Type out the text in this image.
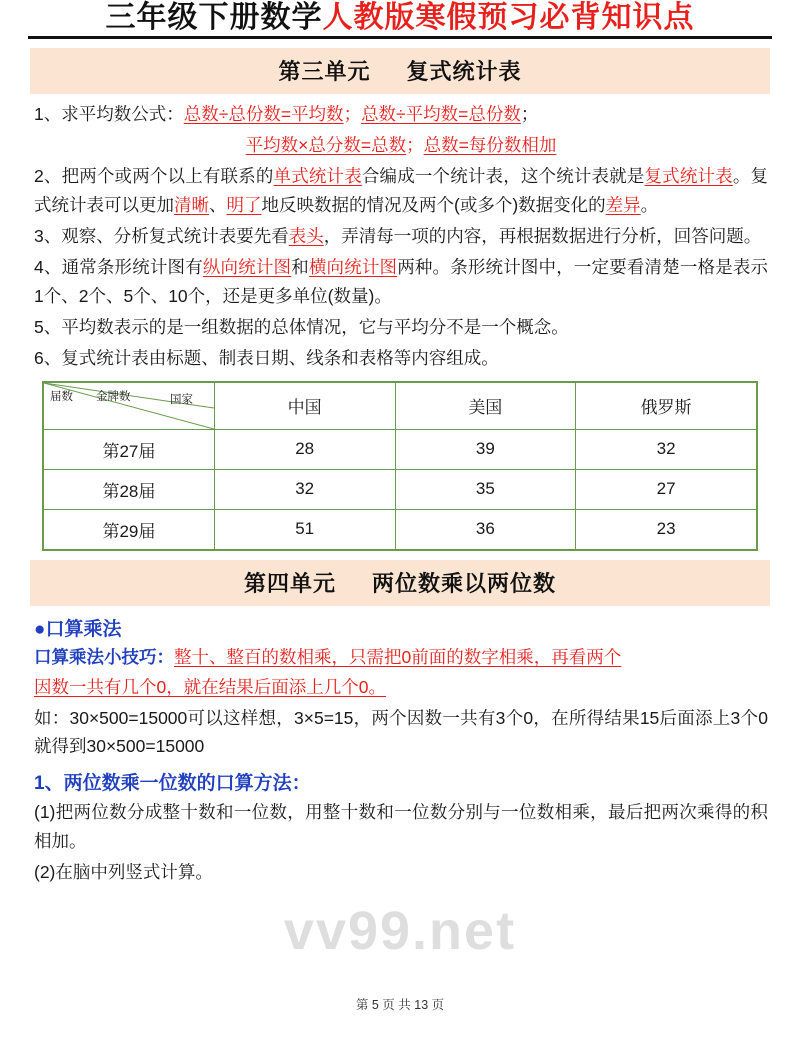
三年级下册数学人教版寒假预习必背知识点
第三单元 复式统计表
1、求平均数公式：总数÷总份数=平均数；总数÷平均数=总份数；
平均数×总分数=总数；总数=每份数相加
2、把两个或两个以上有联系的单式统计表合编成一个统计表，这个统计表就是复式统计表。复式统计表可以更加清晰、明了地反映数据的情况及两个(或多个)数据变化的差异。
3、观察、分析复式统计表要先看表头，弄清每一项的内容，再根据数据进行分析，回答问题。
4、通常条形统计图有纵向统计图和横向统计图两种。条形统计图中，一定要看清楚一格是表示1个、2个、5个、10个，还是更多单位(数量)。
5、平均数表示的是一组数据的总体情况，它与平均分不是一个概念。
6、复式统计表由标题、制表日期、线条和表格等内容组成。
届数 金牌数 国家	中国	美国	俄罗斯
第27届	28	39	32
第28届	32	35	27
第29届	51	36	23
第四单元 两位数乘以两位数
●口算乘法
口算乘法小技巧：整十、整百的数相乘，只需把0前面的数字相乘，再看两个
因数一共有几个0，就在结果后面添上几个0。
如：30×500=15000可以这样想，3×5=15，两个因数一共有3个0，在所得结果15后面添上3个0就得到30×500=15000
1、两位数乘一位数的口算方法：
(1)把两位数分成整十数和一位数，用整十数和一位数分别与一位数相乘，最后把两次乘得的积相加。
(2)在脑中列竖式计算。
vv99.net
第 5 页 共 13 页
